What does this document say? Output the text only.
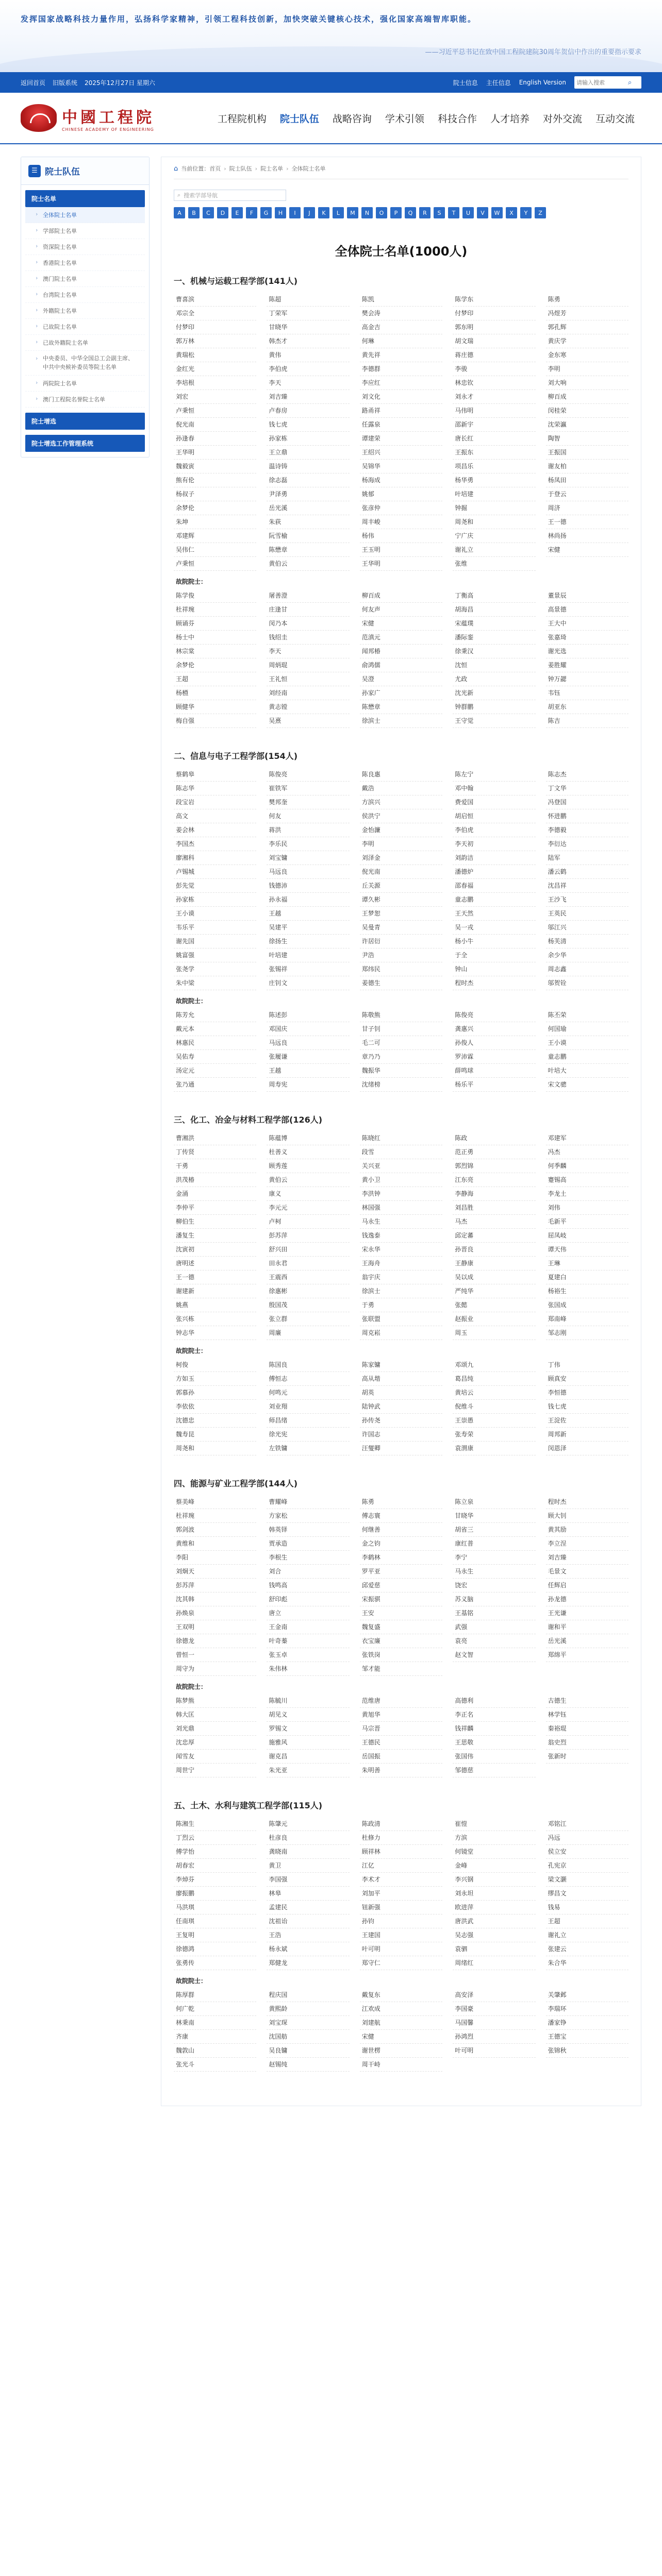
发挥国家战略科技力量作用，弘扬科学家精神，引领工程科技创新，加快突破关键核心技术，强化国家高端智库职能。
——习近平总书记在致中国工程院建院30周年贺信中作出的重要指示要求
返回首页 旧版系统 2025年12月27日 星期六	院士信息 主任信息 English Version
请输入搜索	⌕
中國工程院
CHINESE ACADEMY OF ENGINEERING
工程院机构	院士队伍	战略咨询	学术引领	科技合作	人才培养	对外交流	互动交流
☰ 院士队伍
院士名单
› 全体院士名单
› 学部院士名单
› 资深院士名单
› 香港院士名单
› 澳门院士名单
› 台湾院士名单
› 外籍院士名单
› 已故院士名单
› 已故外籍院士名单
› 中央委员、中华全国总工会副主席、中共中央候补委员等院士名单
› 两院院士名单
› 澳门工程院名誉院士名单
院士增选
院士增选工作管理系统
⌂ 当前位置：首页 › 院士队伍 › 院士名单 › 全体院士名单
⌕ 搜索学部导航
A	B	C	D	E	F	G	H	I	J	K	L	M	N	O	P	Q	R	S	T	U	V	W	X	Y	Z
全体院士名单(1000人)
一、机械与运载工程学部(141人)
曹喜滨	陈超	陈凯	陈学东	陈勇
邓宗全	丁荣军	樊会涛	付梦印	冯煜芳
付梦印	甘晓华	高金吉	郭东明	郭孔辉
郭万林	韩杰才	何琳	胡文瑞	黄庆学
黄瑞松	黄伟	黄先祥	蒋庄德	金东寒
金红光	李伯虎	李德群	李骏	李明
李培根	李天	李应红	林忠钦	刘大响
刘宏	刘吉臻	刘文化	刘永才	柳百成
卢秉恒	卢春房	路甬祥	马伟明	闵桂荣
倪光南	钱七虎	任露泉	邵新宇	沈荣瀛
孙逢春	孙家栋	谭建荣	唐长红	陶智
王华明	王立鼎	王绍兴	王振东	王振国
魏毅寅	温诗铸	吴锦华	项昌乐	谢友柏
熊有伦	徐志磊	杨海成	杨华勇	杨凤田
杨叔子	尹泽勇	姚郁	叶培建	于登云
余梦伦	岳光溪	张彦仲	钟掘	周济
朱坤	朱荻	周丰峻	周尧和	王一德
邓建辉	阮雪榆	杨伟	宁广庆	林尚扬
吴伟仁	陈懋章	王玉明	谢礼立	宋健
卢秉恒	黄伯云	王华明	张维
故院院士：
陈学俊	屠善澄	柳百成	丁衡高	董景辰
杜祥琬	庄逢甘	何友声	胡海昌	高景德
顾诵芬	闵乃本	宋健	宋蕴璞	王大中
杨士中	钱绍圭	范滇元	潘际銮	张嘉琦
林宗棠	李天	闻邦椿	徐秉汉	谢光选
余梦伦	周炳琨	俞鸿儒	沈恒	姜胜耀
王超	王礼恒	吴澄	尤政	钟万勰
杨槱	刘经南	孙家广	沈光新	韦钰
顾健华	黄志镗	陈懋章	钟群鹏	胡亚东
梅自强	吴熹	徐滨士	王守觉	陈吉
二、信息与电子工程学部(154人)
蔡鹤皋	陈俊亮	陈良惠	陈左宁	陈志杰
陈志华	崔铁军	戴浩	邓中翰	丁文华
段宝岩	樊邦奎	方滨兴	费爱国	冯登国
高文	何友	侯洪宁	胡启恒	怀进鹏
姜会林	蒋洪	金怡濂	李伯虎	李德毅
李国杰	李乐民	李明	李天初	李衍达
廖湘科	刘宝镛	刘泽金	刘韵洁	陆军
卢锡城	马远良	倪光南	潘德炉	潘云鹤
彭先觉	钱德沛	丘关源	邵春福	沈昌祥
孙家栋	孙永福	谭久彬	童志鹏	王沙飞
王小谟	王越	王梦恕	王天然	王英民
韦乐平	吴建平	吴曼青	吴一戎	邬江兴
谢先国	徐扬生	许居衍	杨小牛	杨芙清
姚富强	叶培建	尹浩	于全	余少华
张尧学	张锡祥	郑纬民	钟山	周志鑫
朱中梁	庄钊文	姜德生	程时杰	邬贺铨
故院院士：
陈芳允	陈述彭	陈敬熊	陈俊亮	陈丕荣
戴元本	邓国庆	甘子钊	龚惠兴	何国瑜
林惠民	马远良	毛二可	孙俊人	王小谟
吴佑寿	张履谦	章乃乃	罗沛霖	童志鹏
汤定元	王越	魏振华	薛鸣球	叶培大
张乃通	周寿宪	沈绪榜	杨乐平	宋文骢
三、化工、冶金与材料工程学部(126人)
曹湘洪	陈蕴博	陈晓红	陈政	邓建军
丁传贤	杜善义	段雪	范正勇	冯杰
干勇	顾秀莲	关兴亚	郭烈锦	何季麟
洪茂椿	黄伯云	黄小卫	江东亮	蹇锡高
金涌	康义	李洪钟	李静海	李龙土
李仲平	李元元	林国强	刘昌胜	刘伟
柳伯生	卢柯	马永生	马杰	毛新平
潘复生	彭苏萍	钱逸泰	邱定蕃	屈凤岐
沈寅初	舒兴田	宋永华	孙晋良	谭天伟
唐明述	田永君	王海舟	王静康	王琳
王一德	王震西	翁宇庆	吴以成	夏建白
谢建新	徐惠彬	徐滨士	严纯华	杨裕生
姚燕	殷国茂	于勇	张懿	张国成
张兴栋	张立群	张联盟	赵振业	郑南峰
钟志华	周廉	周克崧	周玉	邹志刚
故院院士：
柯俊	陈国良	陈家镛	邓颂九	丁伟
方如玉	傅恒志	高从堦	葛昌纯	顾真安
郭慕孙	何鸣元	胡英	黄培云	李恒德
李依依	刘业翔	陆钟武	倪维斗	钱七虎
沈德忠	师昌绪	孙传尧	王崇愚	王淀佐
魏寿昆	徐光宪	许国志	张寿荣	周邦新
周尧和	左铁镛	汪燮卿	袁渭康	闵恩泽
四、能源与矿业工程学部(144人)
蔡美峰	曹耀峰	陈勇	陈立泉	程时杰
杜祥琬	方家松	傅志寰	甘晓华	顾大钊
郭剑波	韩英铎	何继善	胡省三	黄其励
黄维和	贾承造	金之钧	康红普	李立浧
李阳	李根生	李鹤林	李宁	刘吉臻
刘炯天	刘合	罗平亚	马永生	毛景文
彭苏萍	钱鸣高	邱爱慈	饶宏	任辉启
沈其韩	舒印彪	宋振骐	苏义脑	孙龙德
孙焕泉	唐立	王安	王基铭	王光谦
王双明	王金南	魏复盛	武强	谢和平
徐德龙	叶奇蓁	衣宝廉	袁亮	岳光溪
曾恒一	张玉卓	张铁岗	赵文智	郑绵平
周守为	朱伟林	邹才能
故院院士：
陈梦熊	陈毓川	范维唐	高德利	古德生
韩大匡	胡见义	黄旭华	李正名	林学钰
刘光鼎	罗锡文	马宗晋	钱祥麟	秦裕琨
沈忠厚	施雅风	王德民	王思敬	翁史烈
闻雪友	谢克昌	岳国振	张国伟	张新时
周世宁	朱光亚	朱明善	邹德慈
五、土木、水利与建筑工程学部(115人)
陈湘生	陈肇元	陈政清	崔愷	邓铭江
丁烈云	杜彦良	杜修力	方滨	冯远
傅学怡	龚晓南	顾祥林	何镜堂	侯立安
胡春宏	黄卫	江亿	金峰	孔宪京
李焯芬	李国强	李术才	李兴钢	梁文灏
廖振鹏	林皋	刘加平	刘永坦	缪昌文
马洪琪	孟建民	钮新强	欧进萍	钱易
任南琪	沈祖诒	孙钧	唐洪武	王超
王复明	王浩	王建国	吴志强	谢礼立
徐德鸿	杨永斌	叶可明	袁驷	张建云
张勇传	郑健龙	郑守仁	周绪红	朱合华
故院院士：
陈厚群	程庆国	戴复东	高安泽	关肇邺
何广乾	黄熙龄	江欢成	李国豪	李瑞环
林秉南	刘宝琛	刘建航	马国馨	潘家铮
齐康	沈国舫	宋健	孙鸿烈	王德宝
魏敦山	吴良镛	谢世楞	叶可明	张锦秋
张光斗	赵锡纯	周干峙
